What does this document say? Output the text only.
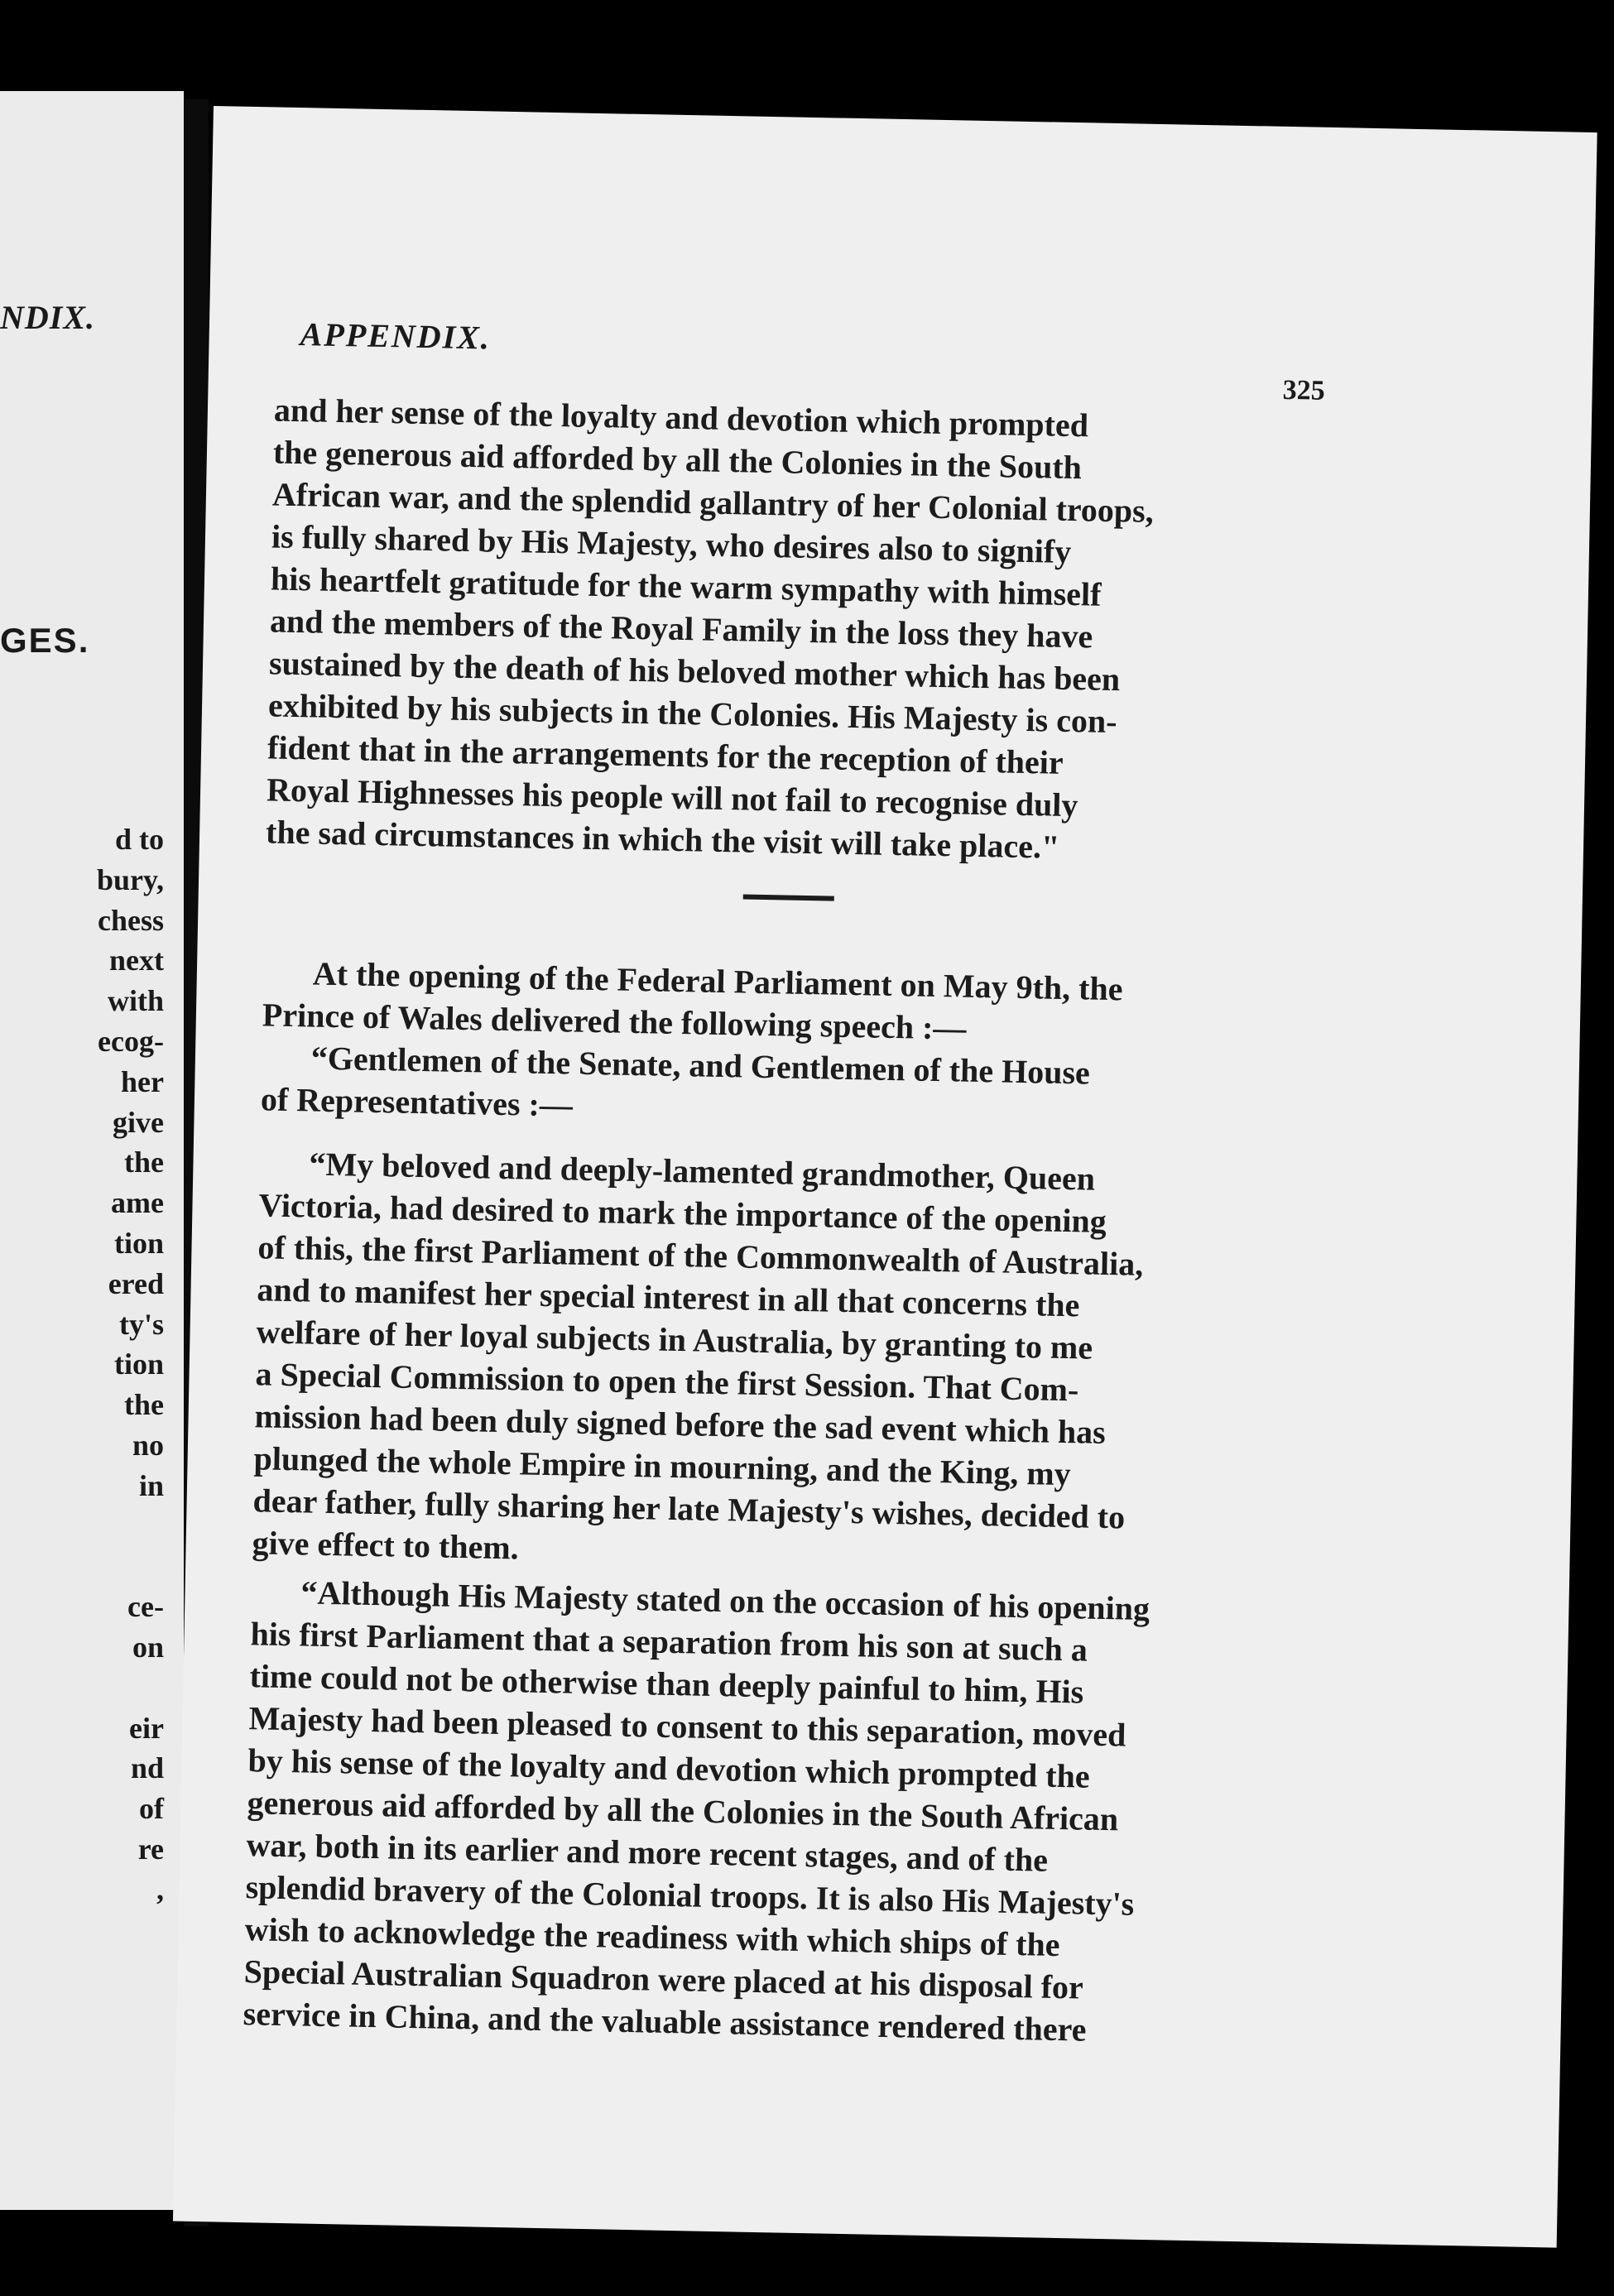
NDIX.
GES.
d to
bury,
chess
next
with
ecog-
her
give
the
ame
tion
ered
ty's
tion
the
no
in
ce-
on
eir
nd
of
re
,
APPENDIX.
325
and her sense of the loyalty and devotion which prompted
the generous aid afforded by all the Colonies in the South
African war, and the splendid gallantry of her Colonial troops,
is fully shared by His Majesty, who desires also to signify
his heartfelt gratitude for the warm sympathy with himself
and the members of the Royal Family in the loss they have
sustained by the death of his beloved mother which has been
exhibited by his subjects in the Colonies. His Majesty is con-
fident that in the arrangements for the reception of their
Royal Highnesses his people will not fail to recognise duly
the sad circumstances in which the visit will take place."
At the opening of the Federal Parliament on May 9th, the
Prince of Wales delivered the following speech :—
“Gentlemen of the Senate, and Gentlemen of the House
of Representatives :—
“My beloved and deeply-lamented grandmother, Queen
Victoria, had desired to mark the importance of the opening
of this, the first Parliament of the Commonwealth of Australia,
and to manifest her special interest in all that concerns the
welfare of her loyal subjects in Australia, by granting to me
a Special Commission to open the first Session. That Com-
mission had been duly signed before the sad event which has
plunged the whole Empire in mourning, and the King, my
dear father, fully sharing her late Majesty's wishes, decided to
give effect to them.
“Although His Majesty stated on the occasion of his opening
his first Parliament that a separation from his son at such a
time could not be otherwise than deeply painful to him, His
Majesty had been pleased to consent to this separation, moved
by his sense of the loyalty and devotion which prompted the
generous aid afforded by all the Colonies in the South African
war, both in its earlier and more recent stages, and of the
splendid bravery of the Colonial troops. It is also His Majesty's
wish to acknowledge the readiness with which ships of the
Special Australian Squadron were placed at his disposal for
service in China, and the valuable assistance rendered there
